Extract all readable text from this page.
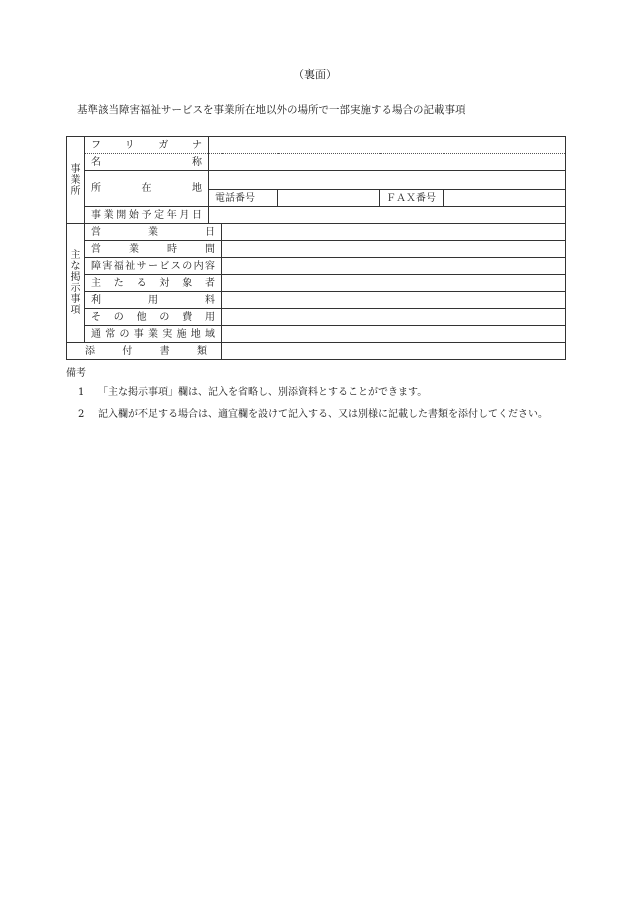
（裏面）
基準該当障害福祉サービスを事業所在地以外の場所で一部実施する場合の記載事項
事業所	フ リ ガ ナ					
	名 称					
	所 在 地					
		電話番号			ＦＡＸ番号	
	事業開始予定年月日					
主な掲示事項	営 業 日					
	営 業 時 間					
	障害福祉サービスの内容					
	主 た る 対 象 者					
	利 用 料					
	そ の 他 の 費 用					
	通常の事業実施地域					
添 付 書 類						
備考
1 「主な掲示事項」欄は、記入を省略し、別添資料とすることができます。
2 記入欄が不足する場合は、適宜欄を設けて記入する、又は別様に記載した書類を添付してください。
